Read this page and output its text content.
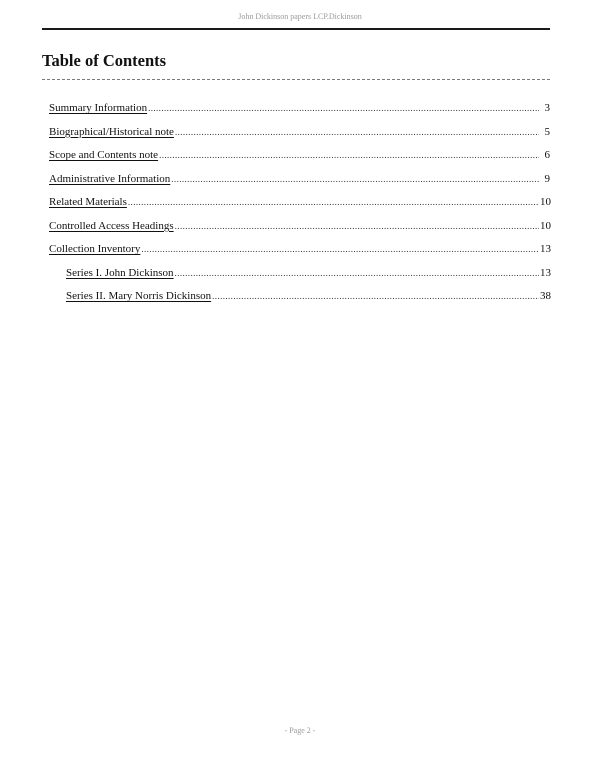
John Dickinson papers LCP.Dickinson
Table of Contents
Summary Information .....	3
Biographical/Historical note .....	5
Scope and Contents note .....	6
Administrative Information .....	9
Related Materials .....	10
Controlled Access Headings .....	10
Collection Inventory .....	13
Series I. John Dickinson .....	13
Series II. Mary Norris Dickinson .....	38
- Page 2 -
